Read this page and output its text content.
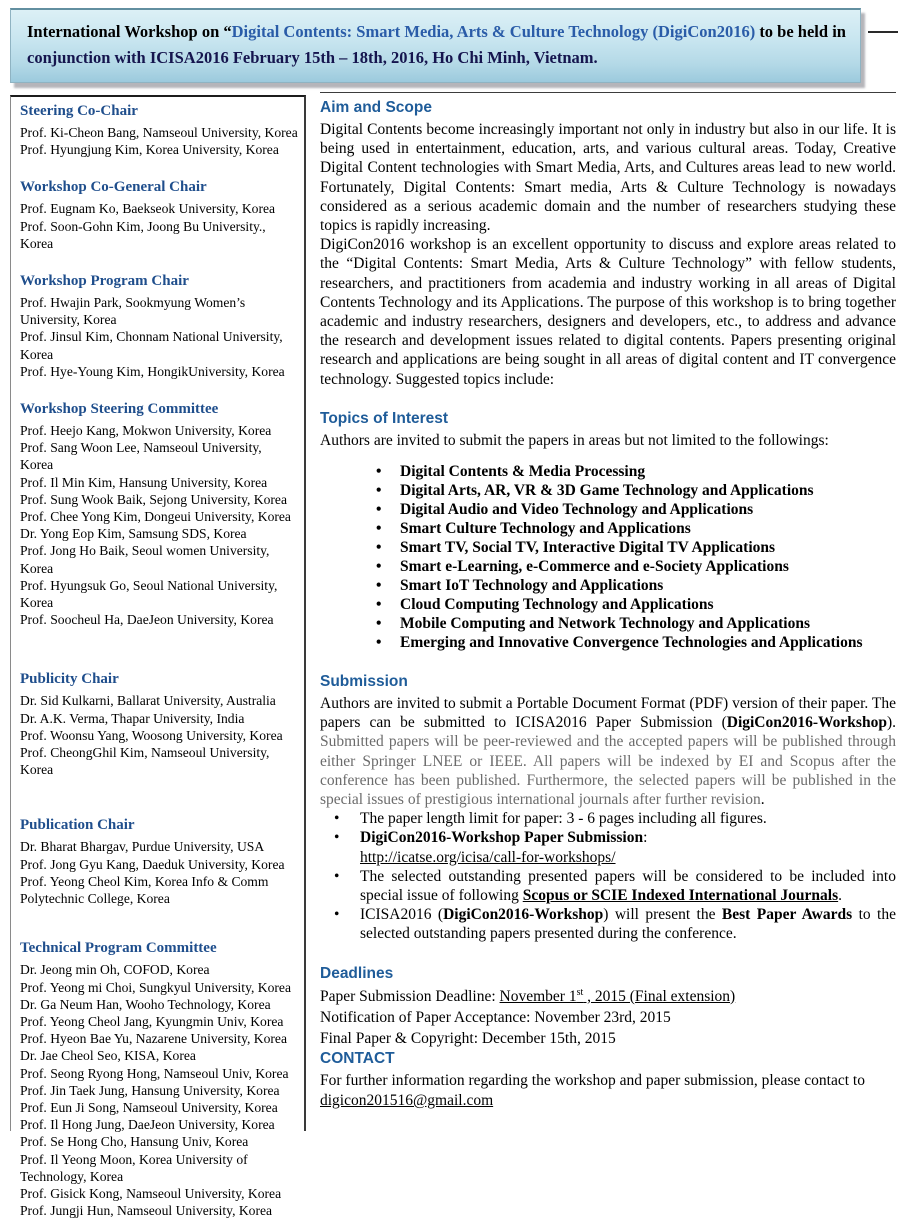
International Workshop on “Digital Contents: Smart Media, Arts & Culture Technology (DigiCon2016) to be held in conjunction with ICISA2016 February 15th – 18th, 2016, Ho Chi Minh, Vietnam.
Steering Co-Chair

Prof. Ki-Cheon Bang, Namseoul University, Korea

Prof. Hyungjung Kim, Korea University, Korea

Workshop Co-General Chair

Prof. Eugnam Ko, Baekseok University, Korea

Prof. Soon-Gohn Kim, Joong Bu University., Korea

Workshop Program Chair

Prof. Hwajin Park, Sookmyung Women’s University, Korea

Prof. Jinsul Kim, Chonnam National University, Korea

Prof. Hye-Young Kim, HongikUniversity, Korea

Workshop Steering Committee

Prof. Heejo Kang, Mokwon University, Korea

Prof. Sang Woon Lee, Namseoul University, Korea

Prof. Il Min Kim, Hansung University, Korea

Prof. Sung Wook Baik, Sejong University, Korea

Prof. Chee Yong Kim, Dongeui University, Korea

Dr. Yong Eop Kim, Samsung SDS, Korea

Prof. Jong Ho Baik, Seoul women University, Korea

Prof. Hyungsuk Go, Seoul National University, Korea

Prof. Soocheul Ha, DaeJeon University, Korea

Publicity Chair

Dr. Sid Kulkarni, Ballarat University, Australia

Dr. A.K. Verma, Thapar University, India

Prof. Woonsu Yang, Woosong University, Korea

Prof. CheongGhil Kim, Namseoul University, Korea

Publication Chair

Dr. Bharat Bhargav, Purdue University, USA

Prof. Jong Gyu Kang, Daeduk University, Korea

Prof. Yeong Cheol Kim, Korea Info & Comm Polytechnic College, Korea

Technical Program Committee

Dr. Jeong min Oh, COFOD, Korea

Prof. Yeong mi Choi, Sungkyul University, Korea

Dr. Ga Neum Han, Wooho Technology, Korea

Prof. Yeong Cheol Jang, Kyungmin Univ, Korea

Prof. Hyeon Bae Yu, Nazarene University, Korea

Dr. Jae Cheol Seo, KISA, Korea

Prof. Seong Ryong Hong, Namseoul Univ, Korea

Prof. Jin Taek Jung, Hansung University, Korea

Prof. Eun Ji Song, Namseoul University, Korea

Prof. Il Hong Jung, DaeJeon University, Korea

Prof. Se Hong Cho, Hansung Univ, Korea

Prof. Il Yeong Moon, Korea University of Technology, Korea

Prof. Gisick Kong, Namseoul University, Korea

Prof. Jungji Hun, Namseoul University, Korea

Aim and Scope

Digital Contents become increasingly important not only in industry but also in our life. It is being used in entertainment, education, arts, and various cultural areas. Today, Creative Digital Content technologies with Smart Media, Arts, and Cultures areas lead to new world. Fortunately, Digital Contents: Smart media, Arts & Culture Technology is nowadays considered as a serious academic domain and the number of researchers studying these topics is rapidly increasing.

DigiCon2016 workshop is an excellent opportunity to discuss and explore areas related to the “Digital Contents: Smart Media, Arts & Culture Technology” with fellow students, researchers, and practitioners from academia and industry working in all areas of Digital Contents Technology and its Applications. The purpose of this workshop is to bring together academic and industry researchers, designers and developers, etc., to address and advance the research and development issues related to digital contents. Papers presenting original research and applications are being sought in all areas of digital content and IT convergence technology. Suggested topics include:

Topics of Interest

Authors are invited to submit the papers in areas but not limited to the followings:

• Digital Contents & Media Processing
• Digital Arts, AR, VR & 3D Game Technology and Applications
• Digital Audio and Video Technology and Applications
• Smart Culture Technology and Applications
• Smart TV, Social TV, Interactive Digital TV Applications
• Smart e-Learning, e-Commerce and e-Society Applications
• Smart IoT Technology and Applications
• Cloud Computing Technology and Applications
• Mobile Computing and Network Technology and Applications
• Emerging and Innovative Convergence Technologies and Applications
Submission

Authors are invited to submit a Portable Document Format (PDF) version of their paper. The papers can be submitted to ICISA2016 Paper Submission (DigiCon2016-Workshop). Submitted papers will be peer-reviewed and the accepted papers will be published through either Springer LNEE or IEEE. All papers will be indexed by EI and Scopus after the conference has been published. Furthermore, the selected papers will be published in the special issues of prestigious international journals after further revision.

• The paper length limit for paper: 3 - 6 pages including all figures.
• DigiCon2016-Workshop Paper Submission:
http://icatse.org/icisa/call-for-workshops/
• The selected outstanding presented papers will be considered to be included into special issue of following Scopus or SCIE Indexed International Journals.
• ICISA2016 (DigiCon2016-Workshop) will present the Best Paper Awards to the selected outstanding papers presented during the conference.
Deadlines

Paper Submission Deadline: November 1st , 2015 (Final extension)

Notification of Paper Acceptance: November 23rd, 2015

Final Paper & Copyright: December 15th, 2015

CONTACT

For further information regarding the workshop and paper submission, please contact to

digicon201516@gmail.com
